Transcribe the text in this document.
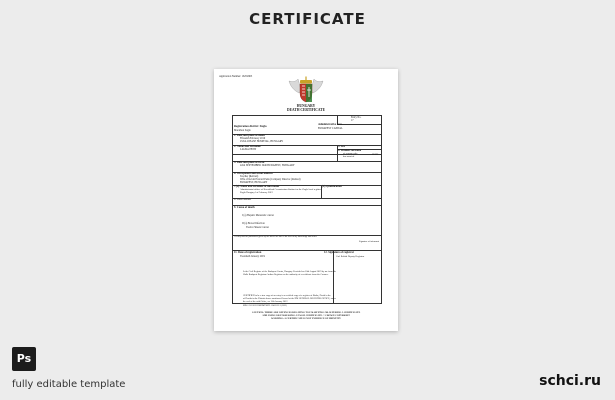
CERTIFICATE
Application Number: 16252965
HUNGARY
DEATH CERTIFICATE
Entry No.
17
Registration district: Zuglo
Marathon Zuglo
Administrative area
BUDAPEST CAPITAL
1. Date and place of death
Fifteenth February 2019
ZUGLO BASE HOSPITAL, HUNGARY
2. Name and Surname
LAURA PENN
3. Sex
4. Maiden surname
of woman who
has married
PENN
5. Date and place of birth
22nd SEPTEMBER 1946 BUDAPEST, HUNGARY
6. Occupation and usual address
Teacher (Retired)
Wife of Kevin Everard Penn (Company Director (Retired)
BUDAPEST, HUNGARY
7.(a) Name and surname of informant	(b) Qualification
Administrator/officer of Kovalchuk Crematorium Station for the Zuglo local register
Zuglo Hungary 1st February 2019
8. Usual address
9. Cause of death
I (a) Hepatic Metastatic cancer
II (a) Bowel Infection
Twelve Sheets Cancer
I certify that the particulars given by me above are true to the best of my knowledge and belief
Signature of informant
11. Date of registration
Twentieth January 2019
12. Signature of registrar
Carl Robbit Deputy Registrar
Is the Civil Register of the Budapest Courts, Hungary. Provided on 16th August 2019 by me from the
Walls Budapest Registrar-Author Registrar on the authority of a certificate from the Coroner.
CERTIFIED to be a true copy of an entry in a certified copy of a register of Births, Death in the
of Deaths in the District above mentioned. Issued at the HM GENERAL REGISTER OFFICE, under
the seal of the said Office, on 12th January 2022
MXG 23/1/2022 HM/SMTSRTL 12452122/1 (2022)
CAUTION: THERE ARE OFFENCES RELATING TO FALSIFYING OR ALTERING A CERTIFICATE
AND USING OR POSSESSING A FALSE CERTIFICATE. ©CROWN COPYRIGHT
WARNING: A CERTIFICATE IS NOT EVIDENCE OF IDENTITY
Ps
fully editable template	schci.ru
